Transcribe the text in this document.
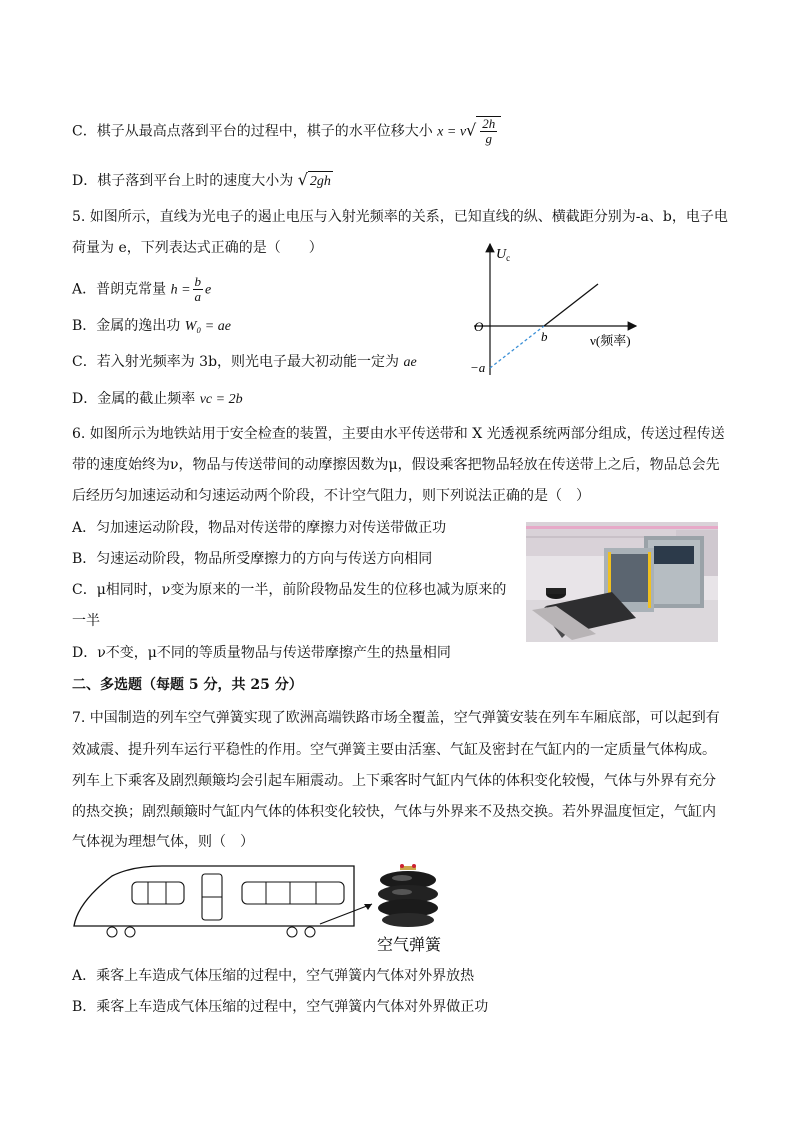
C．棋子从最高点落到平台的过程中，棋子的水平位移大小 $x = v√ \frac{2h}{g}$
D．棋子落到平台上时的速度大小为 √ 2gh
5. 如图所示，直线为光电子的遏止电压与入射光频率的关系，已知直线的纵、横截距分别为-a、b，电子电
荷量为 e，下列表达式正确的是（　　）
A．普朗克常量 $h = \frac{b}{a}$ e
B．金属的逸出功 W₀ = ae
C．若入射光频率为 3b，则光电子最大初动能一定为 ae
D．金属的截止频率 νc = 2b
$U_c$
O
b
−a
ν(频率)
6. 如图所示为地铁站用于安全检查的装置，主要由水平传送带和 X 光透视系统两部分组成，传送过程传送
带的速度始终为ν，物品与传送带间的动摩擦因数为μ，假设乘客把物品轻放在传送带上之后，物品总会先
后经历匀加速运动和匀速运动两个阶段，不计空气阻力，则下列说法正确的是（　）
A．匀加速运动阶段，物品对传送带的摩擦力对传送带做正功
B．匀速运动阶段，物品所受摩擦力的方向与传送方向相同
C．μ相同时，ν变为原来的一半，前阶段物品发生的位移也减为原来的
一半
D．ν不变，μ不同的等质量物品与传送带摩擦产生的热量相同
二、多选题（每题 5 分，共 25 分）
7. 中国制造的列车空气弹簧实现了欧洲高端铁路市场全覆盖，空气弹簧安装在列车车厢底部，可以起到有
效减震、提升列车运行平稳性的作用。空气弹簧主要由活塞、气缸及密封在气缸内的一定质量气体构成。
列车上下乘客及剧烈颠簸均会引起车厢震动。上下乘客时气缸内气体的体积变化较慢，气体与外界有充分
的热交换；剧烈颠簸时气缸内气体的体积变化较快，气体与外界来不及热交换。若外界温度恒定，气缸内
气体视为理想气体，则（　）
空气弹簧
A．乘客上车造成气体压缩的过程中，空气弹簧内气体对外界放热
B．乘客上车造成气体压缩的过程中，空气弹簧内气体对外界做正功
